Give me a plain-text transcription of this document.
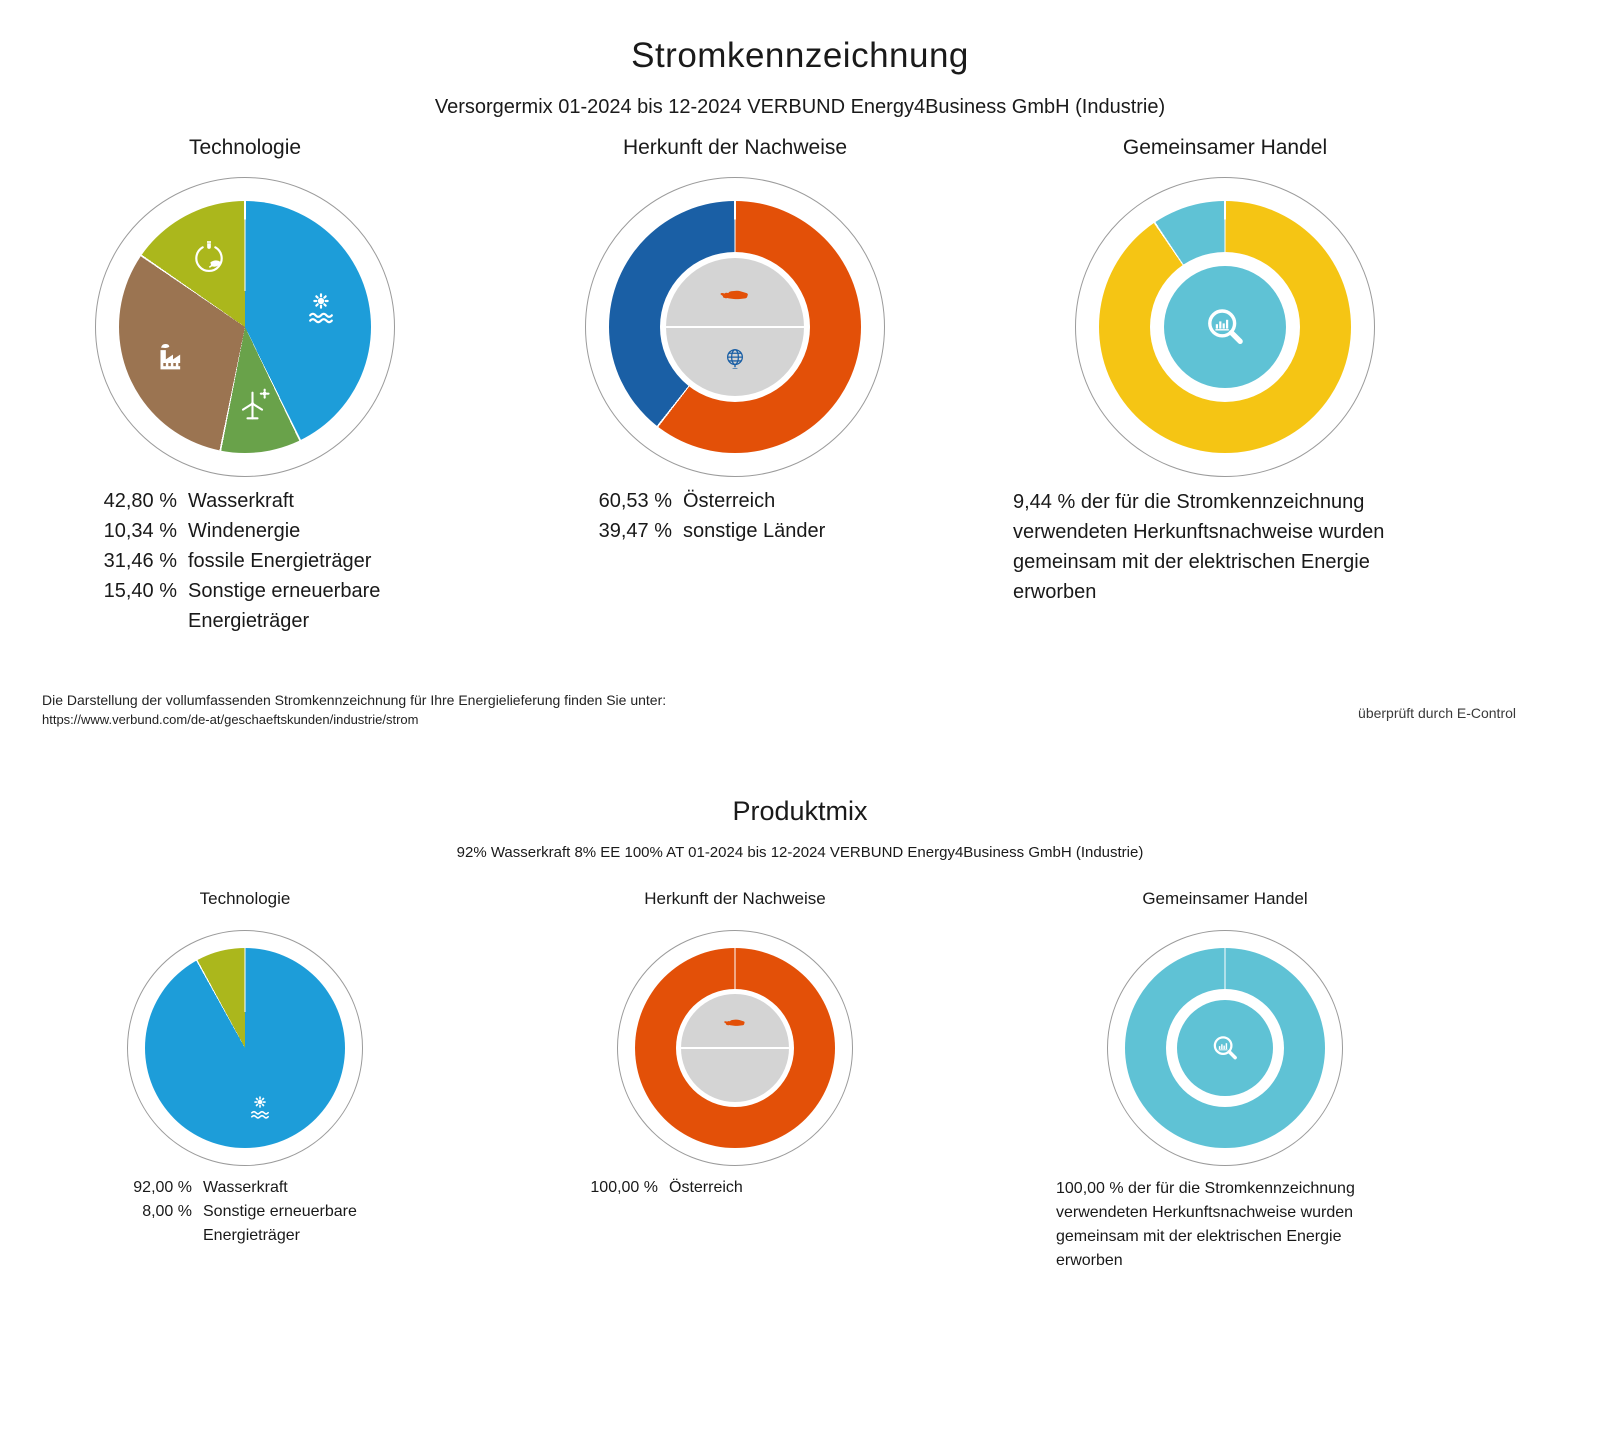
Stromkennzeichnung
Versorgermix 01-2024 bis 12-2024 VERBUND Energy4Business GmbH (Industrie)
Technologie	Herkunft der Nachweise	Gemeinsamer Handel
42,80 % Wasserkraft
10,34 % Windenergie
31,46 % fossile Energieträger
15,40 % Sonstige erneuerbare
Energieträger
60,53 % Österreich
39,47 % sonstige Länder
9,44 % der für die Stromkennzeichnung
verwendeten Herkunftsnachweise wurden
gemeinsam mit der elektrischen Energie
erworben
Die Darstellung der vollumfassenden Stromkennzeichnung für Ihre Energielieferung finden Sie unter:
https://www.verbund.com/de-at/geschaeftskunden/industrie/strom	überprüft durch E-Control
Produktmix
92% Wasserkraft 8% EE 100% AT 01-2024 bis 12-2024 VERBUND Energy4Business GmbH (Industrie)
Technologie	Herkunft der Nachweise	Gemeinsamer Handel
92,00 % Wasserkraft
8,00 % Sonstige erneuerbare
Energieträger
100,00 % Österreich	100,00 % der für die Stromkennzeichnung
verwendeten Herkunftsnachweise wurden
gemeinsam mit der elektrischen Energie
erworben
